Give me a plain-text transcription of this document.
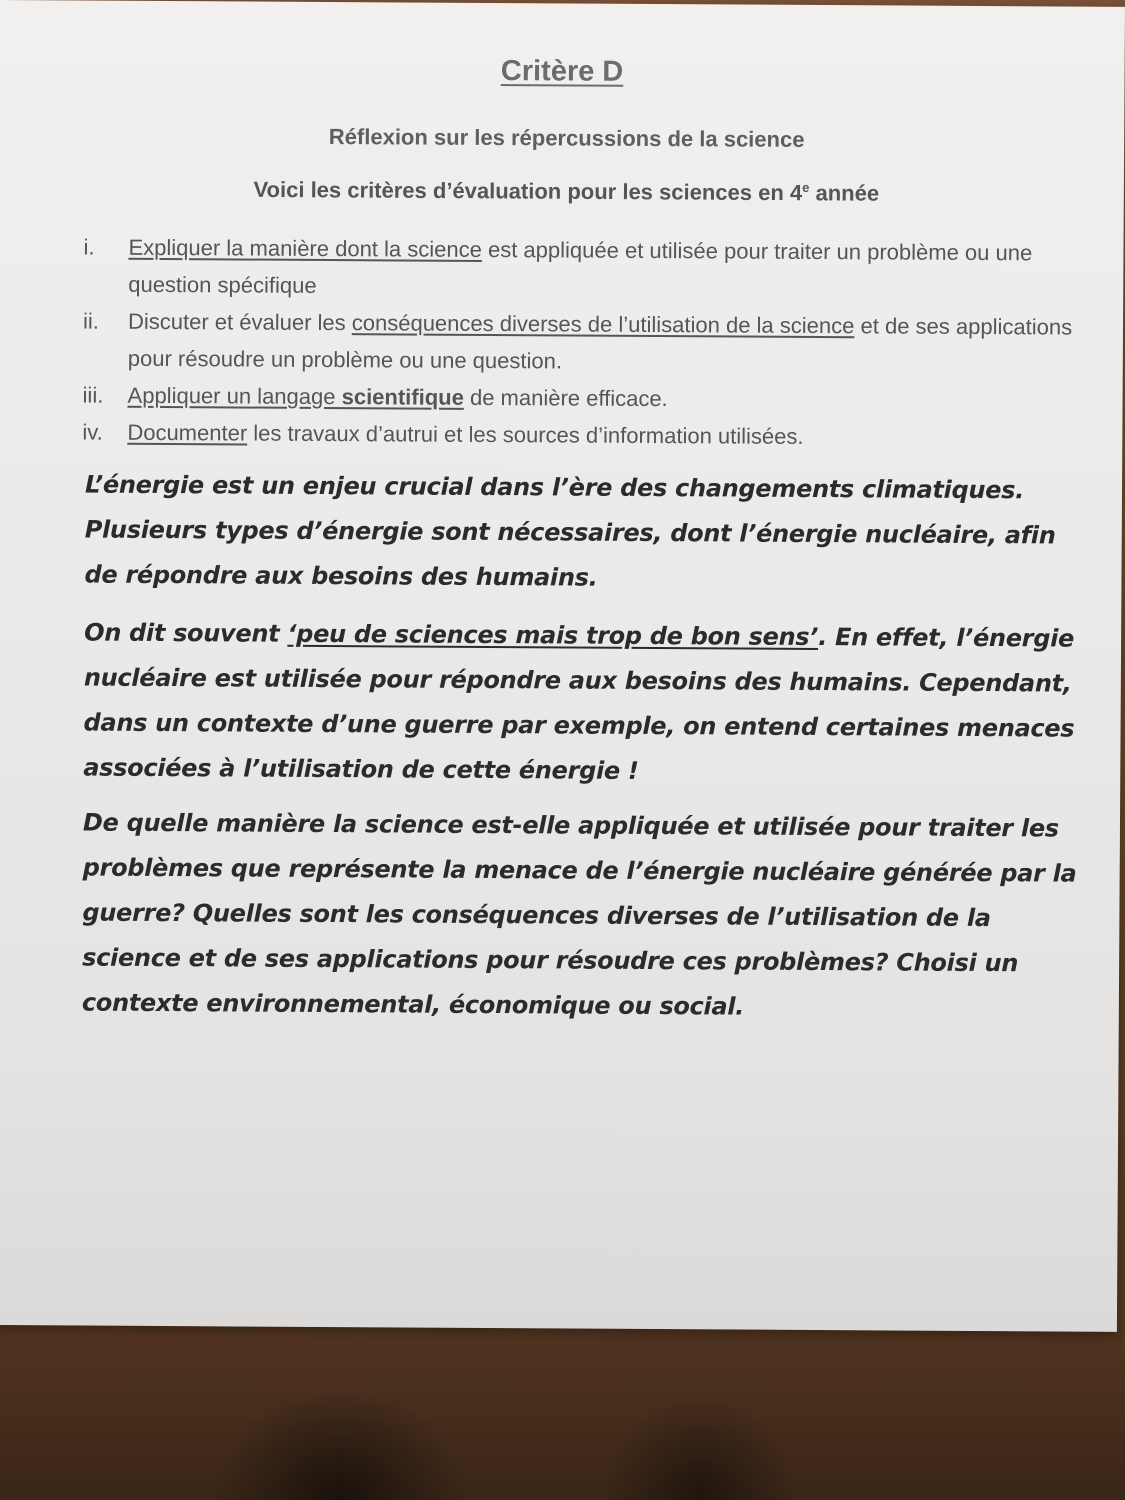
Critère D
Réflexion sur les répercussions de la science
Voici les critères d’évaluation pour les sciences en 4e année
i.	Expliquer la manière dont la science est appliquée et utilisée pour traiter un problème ou une question spécifique
ii.	Discuter et évaluer les conséquences diverses de l’utilisation de la science et de ses applications pour résoudre un problème ou une question.
iii.	Appliquer un langage scientifique de manière efficace.
iv.	Documenter les travaux d’autrui et les sources d’information utilisées.
L’énergie est un enjeu crucial dans l’ère des changements climatiques. Plusieurs types d’énergie sont nécessaires, dont l’énergie nucléaire, afin de répondre aux besoins des humains.
On dit souvent ‘peu de sciences mais trop de bon sens’. En effet, l’énergie nucléaire est utilisée pour répondre aux besoins des humains. Cependant, dans un contexte d’une guerre par exemple, on entend certaines menaces associées à l’utilisation de cette énergie !
De quelle manière la science est-elle appliquée et utilisée pour traiter les problèmes que représente la menace de l’énergie nucléaire générée par la guerre? Quelles sont les conséquences diverses de l’utilisation de la science et de ses applications pour résoudre ces problèmes? Choisi un contexte environnemental, économique ou social.
